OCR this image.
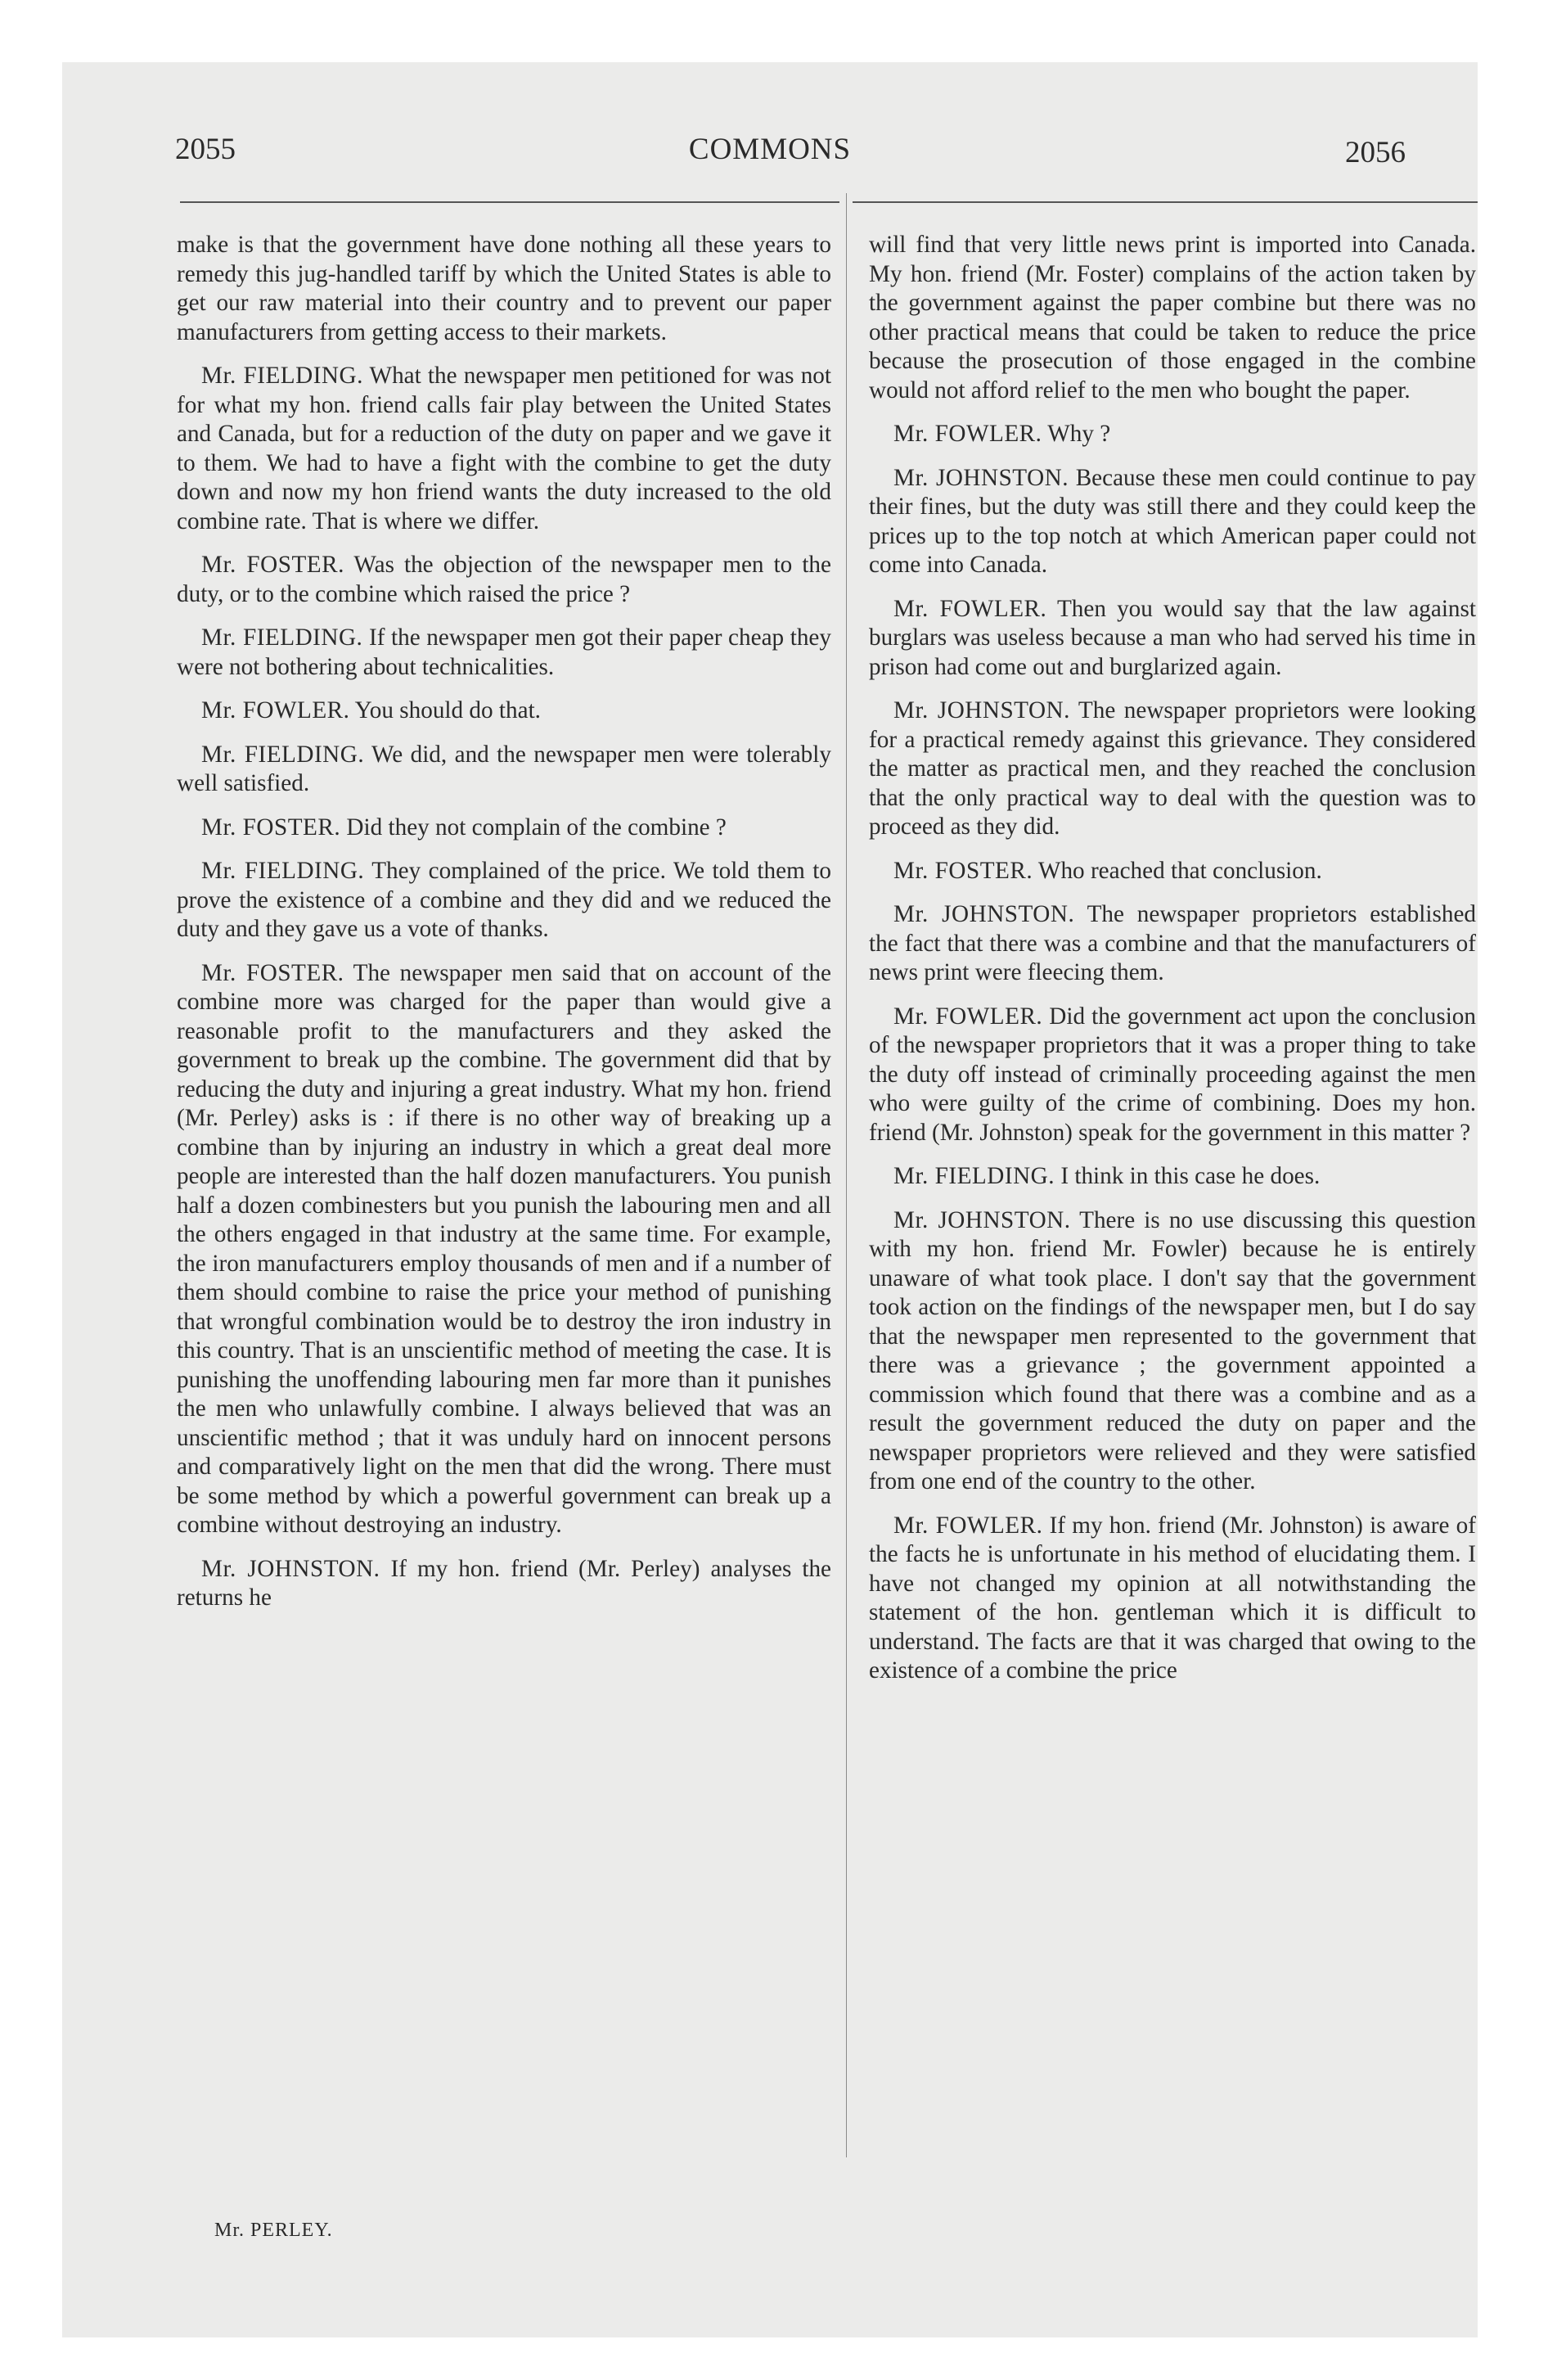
2055	COMMONS	2056

make is that the government have done nothing all these years to remedy this jug-handled tariff by which the United States is able to get our raw material into their country and to prevent our paper manufacturers from getting access to their markets.

Mr. FIELDING. What the newspaper men petitioned for was not for what my hon. friend calls fair play between the United States and Canada, but for a reduction of the duty on paper and we gave it to them. We had to have a fight with the combine to get the duty down and now my hon friend wants the duty increased to the old combine rate. That is where we differ.

Mr. FOSTER. Was the objection of the newspaper men to the duty, or to the combine which raised the price ?

Mr. FIELDING. If the newspaper men got their paper cheap they were not bothering about technicalities.

Mr. FOWLER. You should do that.

Mr. FIELDING. We did, and the newspaper men were tolerably well satisfied.

Mr. FOSTER. Did they not complain of the combine ?

Mr. FIELDING. They complained of the price. We told them to prove the existence of a combine and they did and we reduced the duty and they gave us a vote of thanks.

Mr. FOSTER. The newspaper men said that on account of the combine more was charged for the paper than would give a reasonable profit to the manufacturers and they asked the government to break up the combine. The government did that by reducing the duty and injuring a great industry. What my hon. friend (Mr. Perley) asks is : if there is no other way of breaking up a combine than by injuring an industry in which a great deal more people are interested than the half dozen manufacturers. You punish half a dozen combinesters but you punish the labouring men and all the others engaged in that industry at the same time. For example, the iron manufacturers employ thousands of men and if a number of them should combine to raise the price your method of punishing that wrongful combination would be to destroy the iron industry in this country. That is an unscientific method of meeting the case. It is punishing the unoffending labouring men far more than it punishes the men who unlawfully combine. I always believed that was an unscientific method ; that it was unduly hard on innocent persons and comparatively light on the men that did the wrong. There must be some method by which a powerful government can break up a combine without destroying an industry.

Mr. JOHNSTON. If my hon. friend (Mr. Perley) analyses the returns he

will find that very little news print is imported into Canada. My hon. friend (Mr. Foster) complains of the action taken by the government against the paper combine but there was no other practical means that could be taken to reduce the price because the prosecution of those engaged in the combine would not afford relief to the men who bought the paper.

Mr. FOWLER. Why ?

Mr. JOHNSTON. Because these men could continue to pay their fines, but the duty was still there and they could keep the prices up to the top notch at which American paper could not come into Canada.

Mr. FOWLER. Then you would say that the law against burglars was useless because a man who had served his time in prison had come out and burglarized again.

Mr. JOHNSTON. The newspaper proprietors were looking for a practical remedy against this grievance. They considered the matter as practical men, and they reached the conclusion that the only practical way to deal with the question was to proceed as they did.

Mr. FOSTER. Who reached that conclusion.

Mr. JOHNSTON. The newspaper proprietors established the fact that there was a combine and that the manufacturers of news print were fleecing them.

Mr. FOWLER. Did the government act upon the conclusion of the newspaper proprietors that it was a proper thing to take the duty off instead of criminally proceeding against the men who were guilty of the crime of combining. Does my hon. friend (Mr. Johnston) speak for the government in this matter ?

Mr. FIELDING. I think in this case he does.

Mr. JOHNSTON. There is no use discussing this question with my hon. friend Mr. Fowler) because he is entirely unaware of what took place. I don't say that the government took action on the findings of the newspaper men, but I do say that the newspaper men represented to the government that there was a grievance ; the government appointed a commission which found that there was a combine and as a result the government reduced the duty on paper and the newspaper proprietors were relieved and they were satisfied from one end of the country to the other.

Mr. FOWLER. If my hon. friend (Mr. Johnston) is aware of the facts he is unfortunate in his method of elucidating them. I have not changed my opinion at all notwithstanding the statement of the hon. gentleman which it is difficult to understand. The facts are that it was charged that owing to the existence of a combine the price

Mr. PERLEY.
